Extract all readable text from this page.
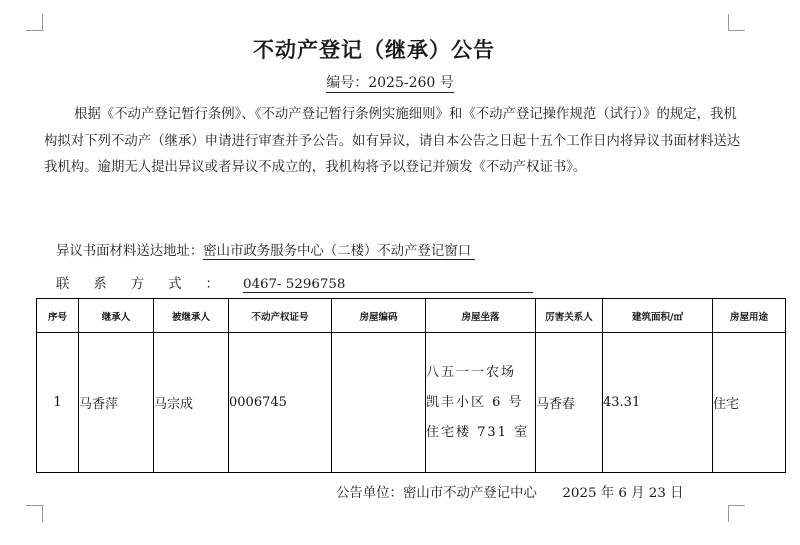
不动产登记（继承）公告
编号：2025-260 号

根据《不动产登记暂行条例》、《不动产登记暂行条例实施细则》和《不动产登记操作规范（试行）》的规定，我机构拟对下列不动产（继承）申请进行审查并予公告。如有异议，请自本公告之日起十五个工作日内将异议书面材料送达我机构。逾期无人提出异议或者异议不成立的，我机构将予以登记并颁发《不动产权证书》。

异议书面材料送达地址：密山市政务服务中心（二楼）不动产登记窗口
联系方式：0467- 5296758
序号	继承人	被继承人	不动产权证号	房屋编码	房屋坐落	厉害关系人	建筑面积/㎡	房屋用途
1	马香萍	马宗成	0006745		八五一一农场
凯丰小区 6 号
住宅楼 731 室	马香春	43.31	住宅
公告单位：密山市不动产登记中心 2025 年 6 月 23 日
